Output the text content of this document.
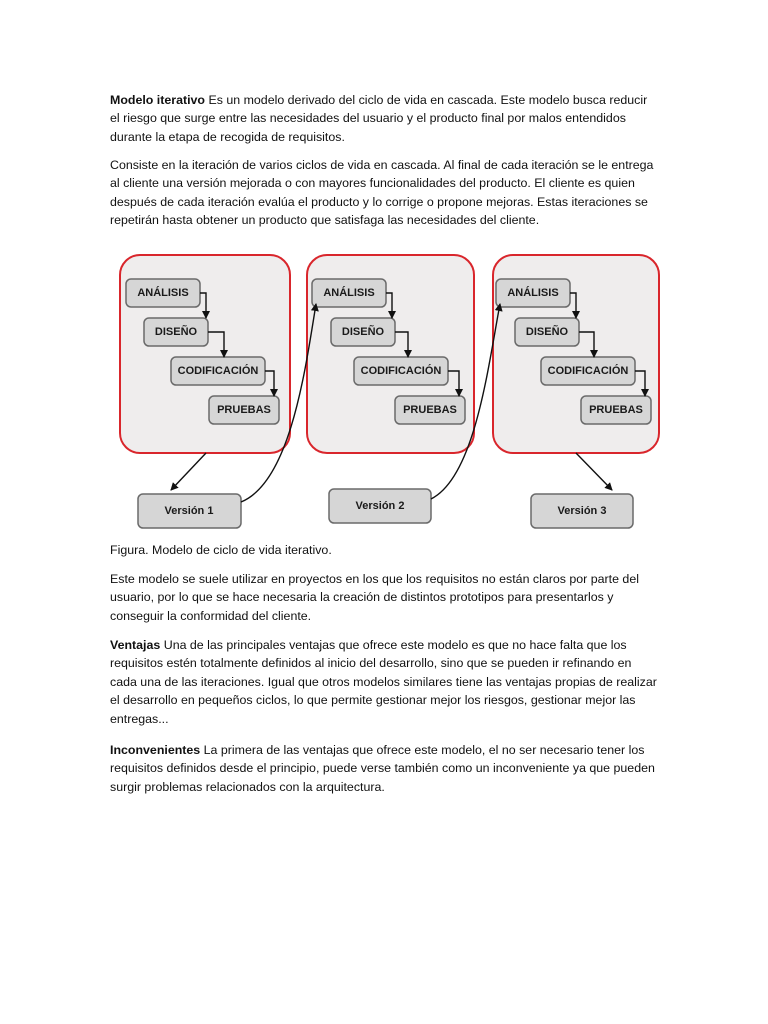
Modelo iterativo Es un modelo derivado del ciclo de vida en cascada. Este modelo busca reducir el riesgo que surge entre las necesidades del usuario y el producto final por malos entendidos durante la etapa de recogida de requisitos.

Consiste en la iteración de varios ciclos de vida en cascada. Al final de cada iteración se le entrega al cliente una versión mejorada o con mayores funcionalidades del producto. El cliente es quien después de cada iteración evalúa el producto y lo corrige o propone mejoras. Estas iteraciones se repetirán hasta obtener un producto que satisfaga las necesidades del cliente.

ANÁLISIS
DISEÑO
CODIFICACIÓN
PRUEBAS
ANÁLISIS
DISEÑO
CODIFICACIÓN
PRUEBAS
ANÁLISIS
DISEÑO
CODIFICACIÓN
PRUEBAS
Versión 1	Versión 2	Versión 3

Figura. Modelo de ciclo de vida iterativo.

Este modelo se suele utilizar en proyectos en los que los requisitos no están claros por parte del usuario, por lo que se hace necesaria la creación de distintos prototipos para presentarlos y conseguir la conformidad del cliente.

Ventajas Una de las principales ventajas que ofrece este modelo es que no hace falta que los requisitos estén totalmente definidos al inicio del desarrollo, sino que se pueden ir refinando en cada una de las iteraciones. Igual que otros modelos similares tiene las ventajas propias de realizar el desarrollo en pequeños ciclos, lo que permite gestionar mejor los riesgos, gestionar mejor las entregas...

Inconvenientes La primera de las ventajas que ofrece este modelo, el no ser necesario tener los requisitos definidos desde el principio, puede verse también como un inconveniente ya que pueden surgir problemas relacionados con la arquitectura.
